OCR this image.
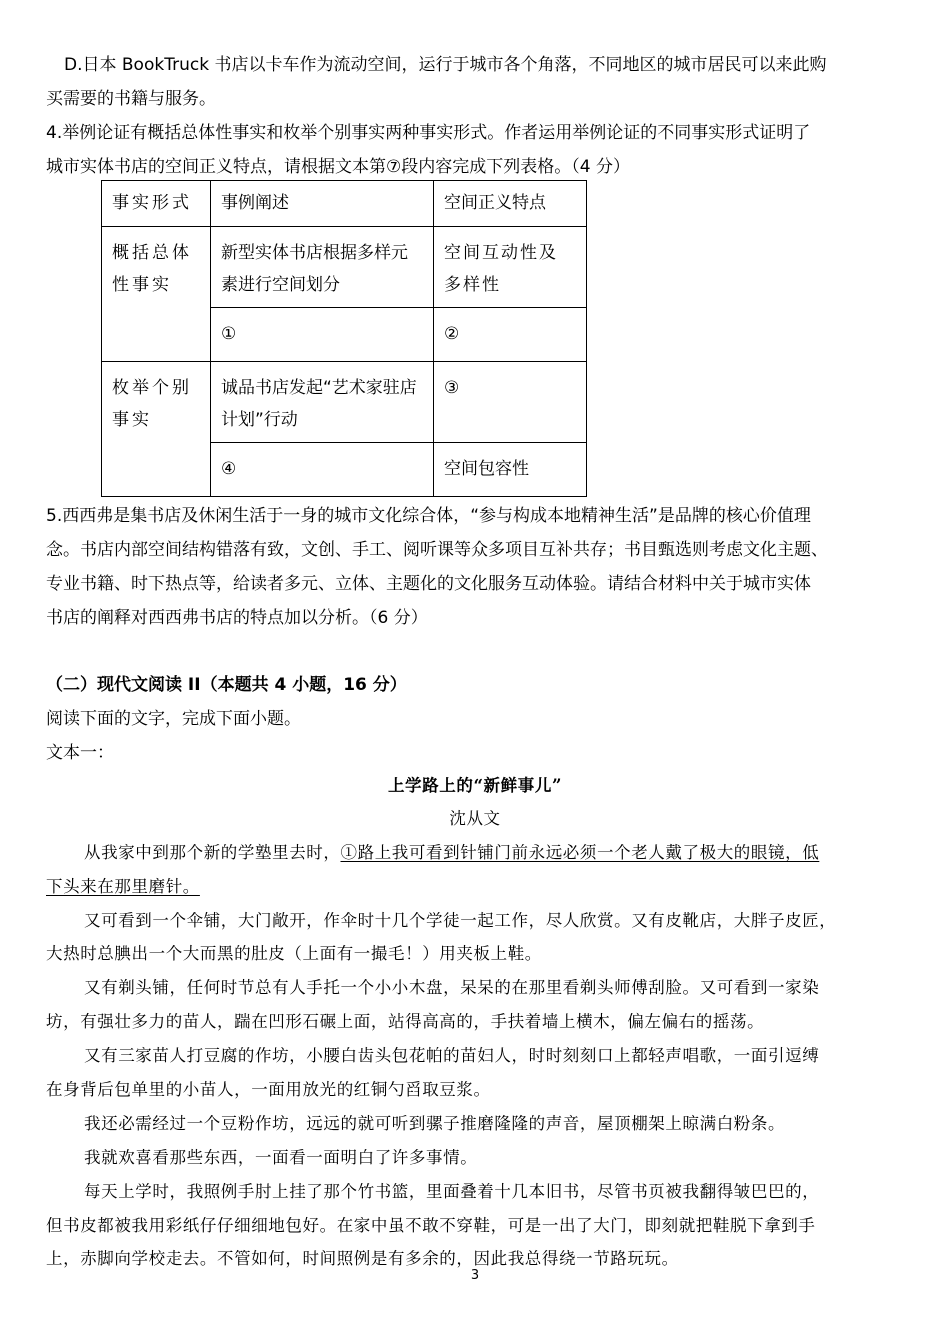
D.日本 BookTruck 书店以卡车作为流动空间，运行于城市各个角落，不同地区的城市居民可以来此购
买需要的书籍与服务。
4.举例论证有概括总体性事实和枚举个别事实两种事实形式。作者运用举例论证的不同事实形式证明了
城市实体书店的空间正义特点，请根据文本第⑦段内容完成下列表格。（4 分）
事实形式	事例阐述	空间正义特点
概括总体性事实	新型实体书店根据多样元素进行空间划分	空间互动性及多样性
	①	②
枚举个别事实	诚品书店发起“艺术家驻店计划”行动	③
	④	空间包容性
5.西西弗是集书店及休闲生活于一身的城市文化综合体，“参与构成本地精神生活”是品牌的核心价值理
念。书店内部空间结构错落有致，文创、手工、阅听课等众多项目互补共存；书目甄选则考虑文化主题、
专业书籍、时下热点等，给读者多元、立体、主题化的文化服务互动体验。请结合材料中关于城市实体
书店的阐释对西西弗书店的特点加以分析。（6 分）
（二）现代文阅读 II（本题共 4 小题，16 分）
阅读下面的文字，完成下面小题。
文本一：
上学路上的“新鲜事儿”
沈从文
从我家中到那个新的学塾里去时，①路上我可看到针铺门前永远必须一个老人戴了极大的眼镜，低
下头来在那里磨针。
又可看到一个伞铺，大门敞开，作伞时十几个学徒一起工作，尽人欣赏。又有皮靴店，大胖子皮匠，
大热时总腆出一个大而黑的肚皮（上面有一撮毛！）用夹板上鞋。
又有剃头铺，任何时节总有人手托一个小小木盘，呆呆的在那里看剃头师傅刮脸。又可看到一家染
坊，有强壮多力的苗人，踹在凹形石碾上面，站得高高的，手扶着墙上横木，偏左偏右的摇荡。
又有三家苗人打豆腐的作坊，小腰白齿头包花帕的苗妇人，时时刻刻口上都轻声唱歌，一面引逗缚
在身背后包单里的小苗人，一面用放光的红铜勺舀取豆浆。
我还必需经过一个豆粉作坊，远远的就可听到骡子推磨隆隆的声音，屋顶棚架上晾满白粉条。
我就欢喜看那些东西，一面看一面明白了许多事情。
每天上学时，我照例手肘上挂了那个竹书篮，里面叠着十几本旧书，尽管书页被我翻得皱巴巴的，
但书皮都被我用彩纸仔仔细细地包好。在家中虽不敢不穿鞋，可是一出了大门，即刻就把鞋脱下拿到手
上，赤脚向学校走去。不管如何，时间照例是有多余的，因此我总得绕一节路玩玩。
3
